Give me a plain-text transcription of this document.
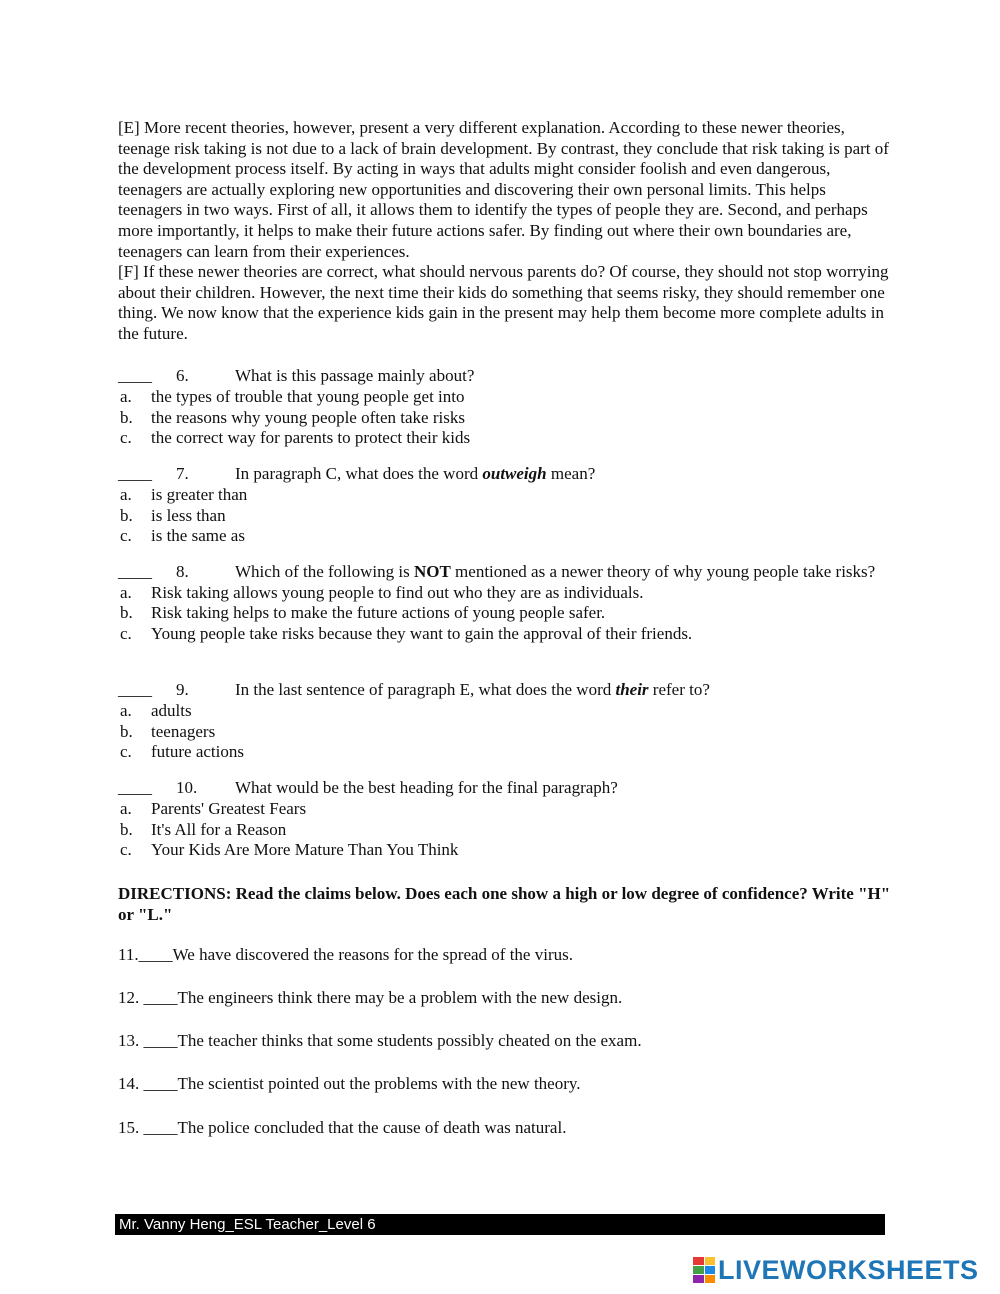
[E] More recent theories, however, present a very different explanation. According to these newer theories, teenage risk taking is not due to a lack of brain development. By contrast, they conclude that risk taking is part of the development process itself. By acting in ways that adults might consider foolish and even dangerous, teenagers are actually exploring new opportunities and discovering their own personal limits. This helps teenagers in two ways. First of all, it allows them to identify the types of people they are. Second, and perhaps more importantly, it helps to make their future actions safer. By finding out where their own boundaries are, teenagers can learn from their experiences.

[F] If these newer theories are correct, what should nervous parents do? Of course, they should not stop worrying about their children. However, the next time their kids do something that seems risky, they should remember one thing. We now know that the experience kids gain in the present may help them become more complete adults in the future.

____ 6.	What is this passage mainly about?
a. the types of trouble that young people get into
b. the reasons why young people often take risks
c. the correct way for parents to protect their kids
____ 7.	In paragraph C, what does the word outweigh mean?
a. is greater than
b. is less than
c. is the same as
____ 8.	Which of the following is NOT mentioned as a newer theory of why young people take risks?
a. Risk taking allows young people to find out who they are as individuals.
b. Risk taking helps to make the future actions of young people safer.
c. Young people take risks because they want to gain the approval of their friends.
____ 9.	In the last sentence of paragraph E, what does the word their refer to?
a. adults
b. teenagers
c. future actions
____ 10. What would be the best heading for the final paragraph?
a. Parents' Greatest Fears
b. It's All for a Reason
c. Your Kids Are More Mature Than You Think

DIRECTIONS: Read the claims below. Does each one show a high or low degree of confidence? Write "H" or "L."

11.____We have discovered the reasons for the spread of the virus.
12. ____The engineers think there may be a problem with the new design.
13. ____The teacher thinks that some students possibly cheated on the exam.
14. ____The scientist pointed out the problems with the new theory.
15. ____The police concluded that the cause of death was natural.
Mr. Vanny Heng_ESL Teacher_Level 6
LIVEWORKSHEETS
